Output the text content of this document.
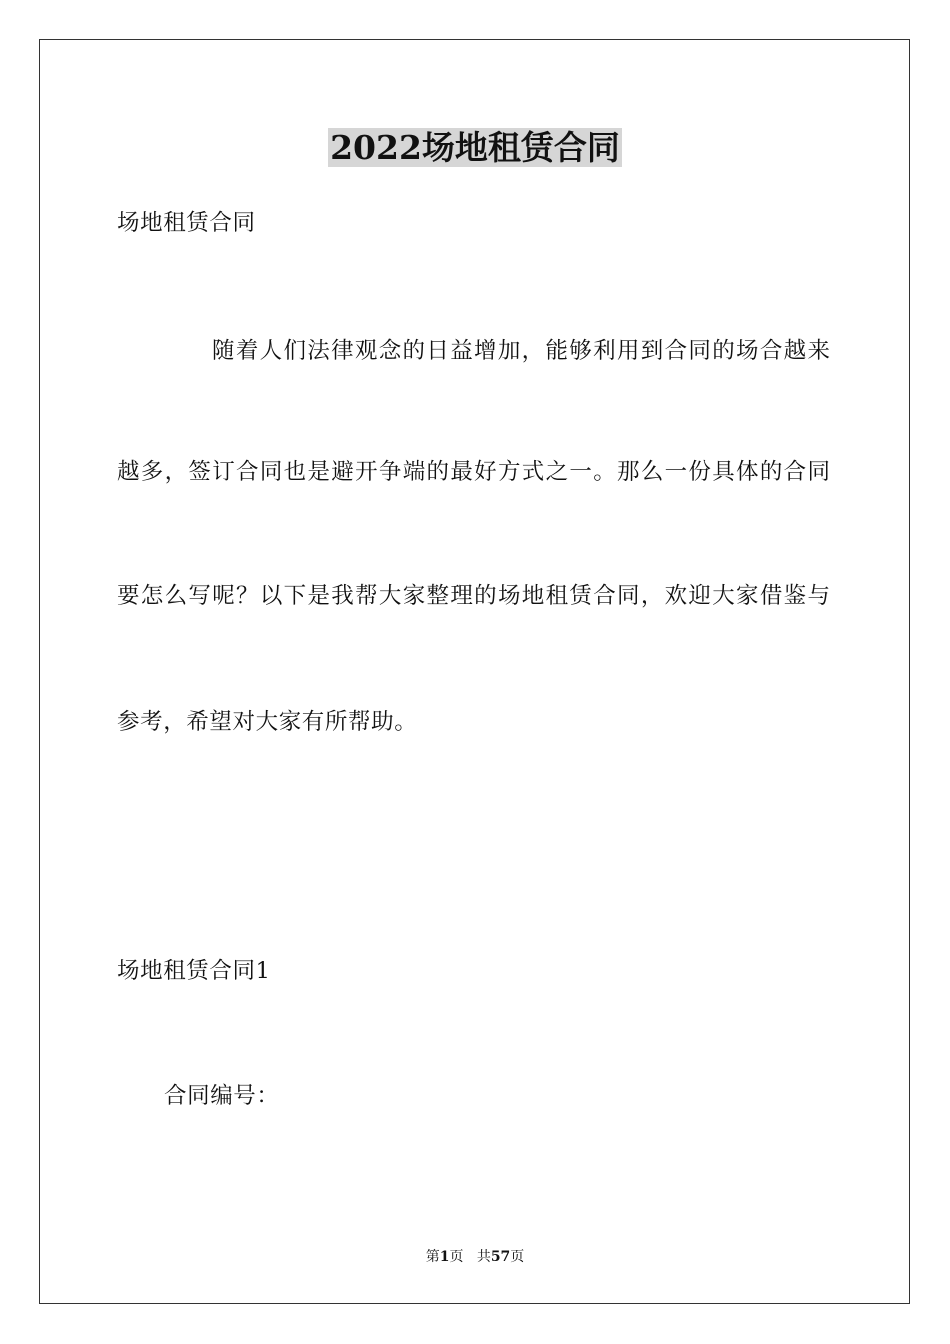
2022场地租赁合同
场地租赁合同
随着人们法律观念的日益增加，能够利用到合同的场合越来
越多，签订合同也是避开争端的最好方式之一。那么一份具体的合同
要怎么写呢？以下是我帮大家整理的场地租赁合同，欢迎大家借鉴与
参考，希望对大家有所帮助。
场地租赁合同1
合同编号：
第1页 共57页
